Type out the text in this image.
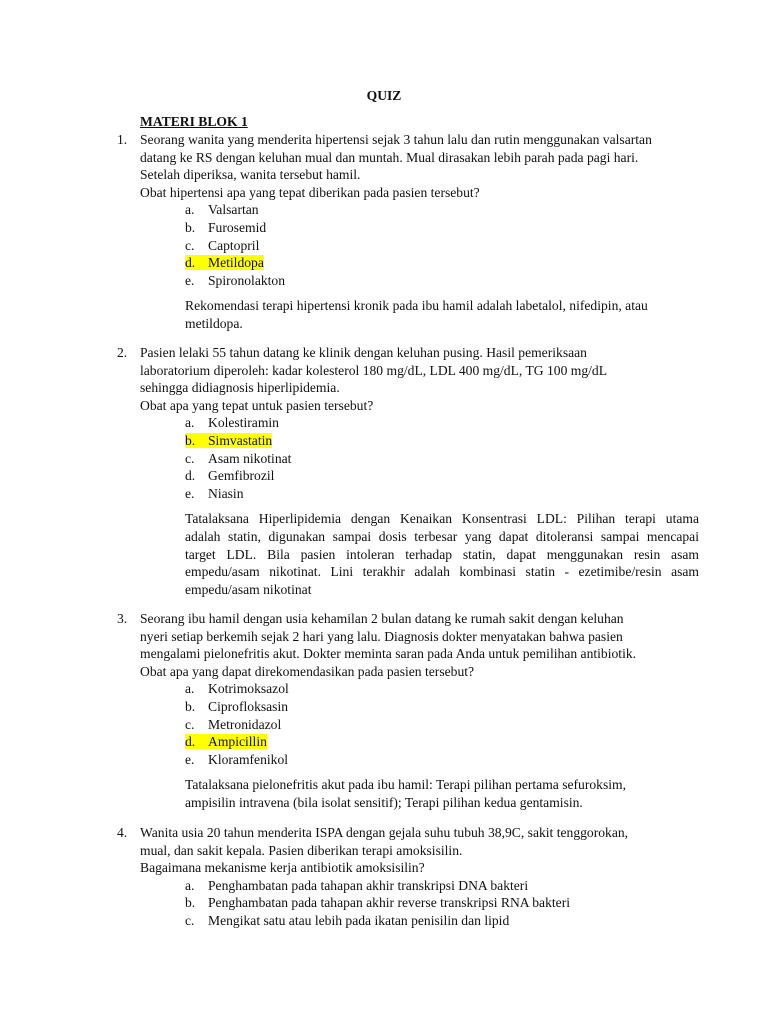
QUIZ
MATERI BLOK 1
1. Seorang wanita yang menderita hipertensi sejak 3 tahun lalu dan rutin menggunakan valsartan
datang ke RS dengan keluhan mual dan muntah. Mual dirasakan lebih parah pada pagi hari.
Setelah diperiksa, wanita tersebut hamil.
Obat hipertensi apa yang tepat diberikan pada pasien tersebut?
a. Valsartan
b. Furosemid
c. Captopril
d. Metildopa
e. Spironolakton
Rekomendasi terapi hipertensi kronik pada ibu hamil adalah labetalol, nifedipin, atau
metildopa.
2. Pasien lelaki 55 tahun datang ke klinik dengan keluhan pusing. Hasil pemeriksaan
laboratorium diperoleh: kadar kolesterol 180 mg/dL, LDL 400 mg/dL, TG 100 mg/dL
sehingga didiagnosis hiperlipidemia.
Obat apa yang tepat untuk pasien tersebut?
a. Kolestiramin
b. Simvastatin
c. Asam nikotinat
d. Gemfibrozil
e. Niasin
Tatalaksana Hiperlipidemia dengan Kenaikan Konsentrasi LDL: Pilihan terapi utama
adalah statin, digunakan sampai dosis terbesar yang dapat ditoleransi sampai mencapai
target LDL. Bila pasien intoleran terhadap statin, dapat menggunakan resin asam
empedu/asam nikotinat. Lini terakhir adalah kombinasi statin - ezetimibe/resin asam
empedu/asam nikotinat
3. Seorang ibu hamil dengan usia kehamilan 2 bulan datang ke rumah sakit dengan keluhan
nyeri setiap berkemih sejak 2 hari yang lalu. Diagnosis dokter menyatakan bahwa pasien
mengalami pielonefritis akut. Dokter meminta saran pada Anda untuk pemilihan antibiotik.
Obat apa yang dapat direkomendasikan pada pasien tersebut?
a. Kotrimoksazol
b. Ciprofloksasin
c. Metronidazol
d. Ampicillin
e. Kloramfenikol
Tatalaksana pielonefritis akut pada ibu hamil: Terapi pilihan pertama sefuroksim,
ampisilin intravena (bila isolat sensitif); Terapi pilihan kedua gentamisin.
4. Wanita usia 20 tahun menderita ISPA dengan gejala suhu tubuh 38,9C, sakit tenggorokan,
mual, dan sakit kepala. Pasien diberikan terapi amoksisilin.
Bagaimana mekanisme kerja antibiotik amoksisilin?
a. Penghambatan pada tahapan akhir transkripsi DNA bakteri
b. Penghambatan pada tahapan akhir reverse transkripsi RNA bakteri
c. Mengikat satu atau lebih pada ikatan penisilin dan lipid
